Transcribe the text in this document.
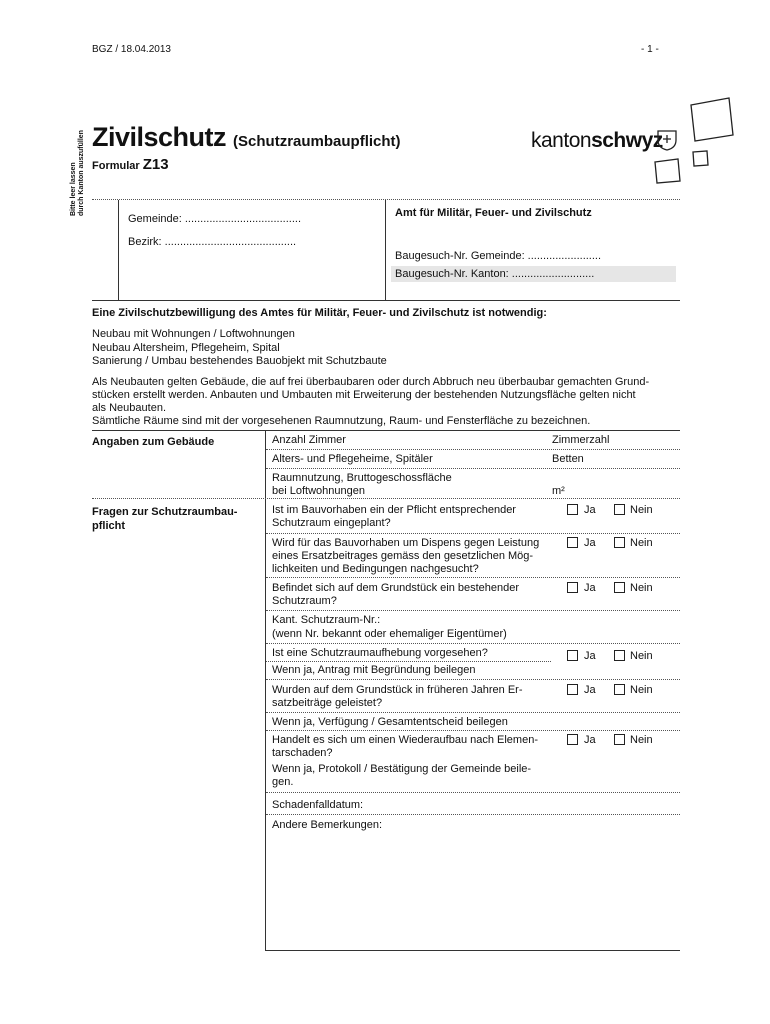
BGZ / 18.04.2013	- 1 -
Zivilschutz (Schutzraumbaupflicht)
Formular Z13
kantonschwyz
Bitte leer lassen durch Kanton auszufüllen
Gemeinde: ......................................
Bezirk: ...........................................
Amt für Militär, Feuer- und Zivilschutz
Baugesuch-Nr. Gemeinde: ........................
Baugesuch-Nr. Kanton: ...........................
Eine Zivilschutzbewilligung des Amtes für Militär, Feuer- und Zivilschutz ist notwendig:
Neubau mit Wohnungen / Loftwohnungen
Neubau Altersheim, Pflegeheim, Spital
Sanierung / Umbau bestehendes Bauobjekt mit Schutzbaute
Als Neubauten gelten Gebäude, die auf frei überbaubaren oder durch Abbruch neu überbaubar gemachten Grund-
stücken erstellt werden. Anbauten und Umbauten mit Erweiterung der bestehenden Nutzungsfläche gelten nicht
als Neubauten.
Sämtliche Räume sind mit der vorgesehenen Raumnutzung, Raum- und Fensterfläche zu bezeichnen.
Angaben zum Gebäude	Anzahl Zimmer	Zimmerzahl
Alters- und Pflegeheime, Spitäler	Betten
Raumnutzung, Bruttogeschossfläche
bei Loftwohnungen	m²
Fragen zur Schutzraumbau-
pflicht
Ist im Bauvorhaben ein der Pflicht entsprechender
Schutzraum eingeplant?
Ja	Nein
Wird für das Bauvorhaben um Dispens gegen Leistung
eines Ersatzbeitrages gemäss den gesetzlichen Mög-
lichkeiten und Bedingungen nachgesucht?
Ja	Nein
Befindet sich auf dem Grundstück ein bestehender
Schutzraum?
Ja	Nein
Kant. Schutzraum-Nr.:
(wenn Nr. bekannt oder ehemaliger Eigentümer)
Ist eine Schutzraumaufhebung vorgesehen?	Ja	Nein
Wenn ja, Antrag mit Begründung beilegen
Wurden auf dem Grundstück in früheren Jahren Er-
satzbeiträge geleistet?
Ja	Nein
Wenn ja, Verfügung / Gesamtentscheid beilegen
Handelt es sich um einen Wiederaufbau nach Elemen-
tarschaden?
Ja	Nein
Wenn ja, Protokoll / Bestätigung der Gemeinde beile-
gen.
Schadenfalldatum:
Andere Bemerkungen:
